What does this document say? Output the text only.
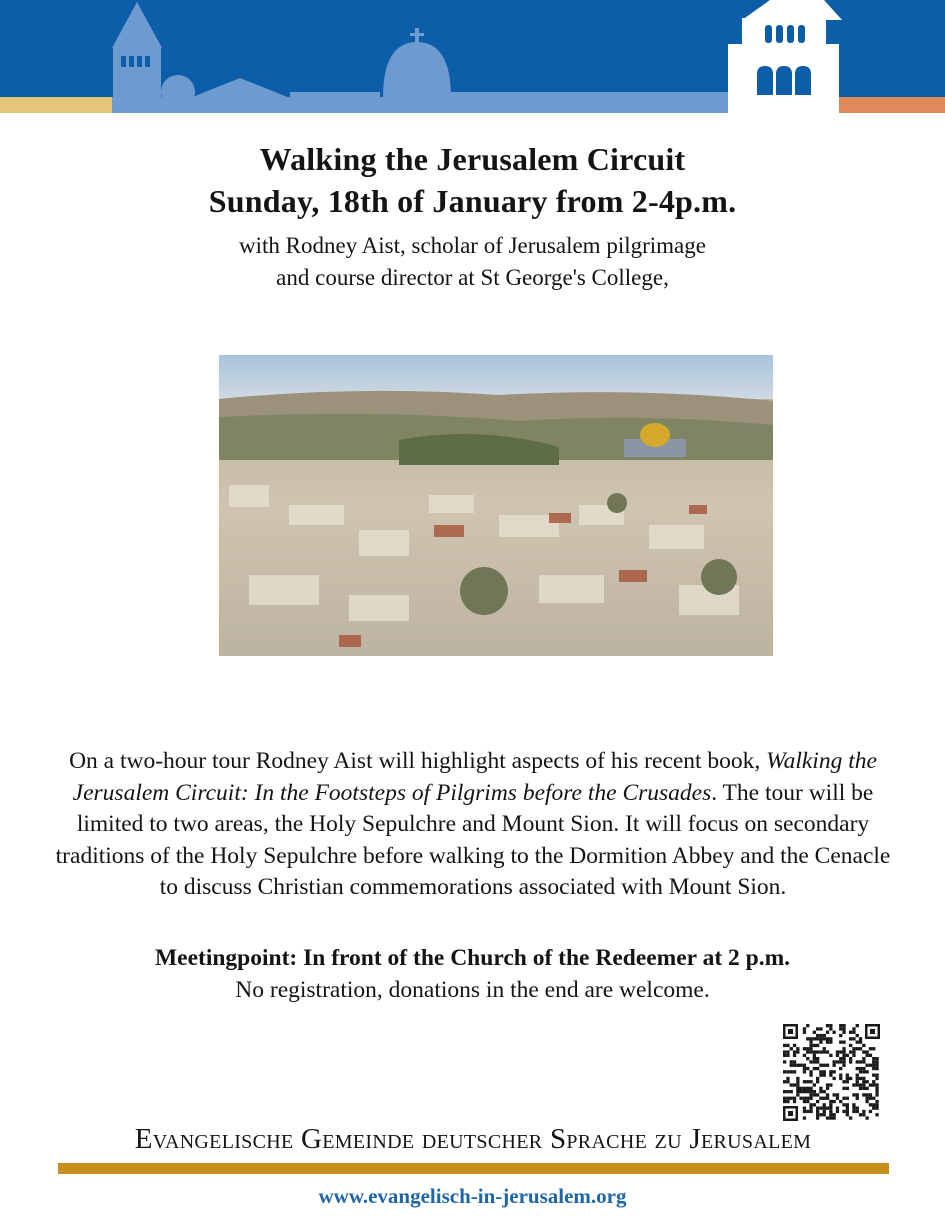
Walking the Jerusalem Circuit
Sunday, 18th of January from 2-4p.m.
with Rodney Aist, scholar of Jerusalem pilgrimage
and course director at St George's College,
On a two-hour tour Rodney Aist will highlight aspects of his recent book, Walking the Jerusalem Circuit: In the Footsteps of Pilgrims before the Crusades. The tour will be limited to two areas, the Holy Sepulchre and Mount Sion. It will focus on secondary traditions of the Holy Sepulchre before walking to the Dormition Abbey and the Cenacle to discuss Christian commemorations associated with Mount Sion.
Meetingpoint: In front of the Church of the Redeemer at 2 p.m.
No registration, donations in the end are welcome.
Evangelische Gemeinde deutscher Sprache zu Jerusalem
www.evangelisch-in-jerusalem.org
